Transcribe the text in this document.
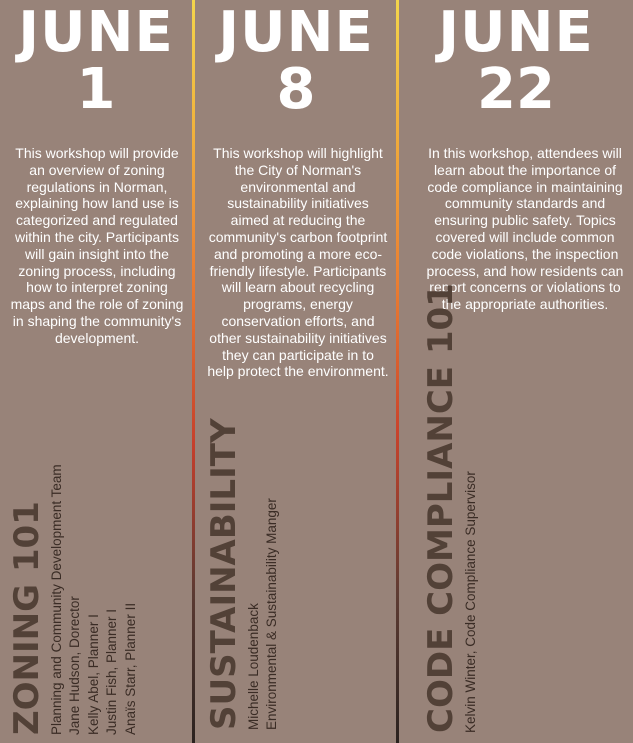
JUNE
1

This workshop will provide an overview of zoning regulations in Norman, explaining how land use is categorized and regulated within the city. Participants will gain insight into the zoning process, including how to interpret zoning maps and the role of zoning in shaping the community's development.

ZONING 101 Planning and Community Development Team Jane Hudson, Dorector Kelly Abel, Planner I Justin Fish, Planner I Anaïs Starr, Planner II
JUNE
8

This workshop will highlight the City of Norman's environmental and sustainability initiatives aimed at reducing the community's carbon footprint and promoting a more eco-friendly lifestyle. Participants will learn about recycling programs, energy conservation efforts, and other sustainability initiatives they can participate in to help protect the environment.

SUSTAINABILITY Michelle Loudenback Environmental & Sustainability Manger
JUNE
22

In this workshop, attendees will learn about the importance of code compliance in maintaining community standards and ensuring public safety. Topics covered will include common code violations, the inspection process, and how residents can report concerns or violations to the appropriate authorities.

CODE COMPLIANCE 101 Kelvin Winter, Code Compliance Supervisor
